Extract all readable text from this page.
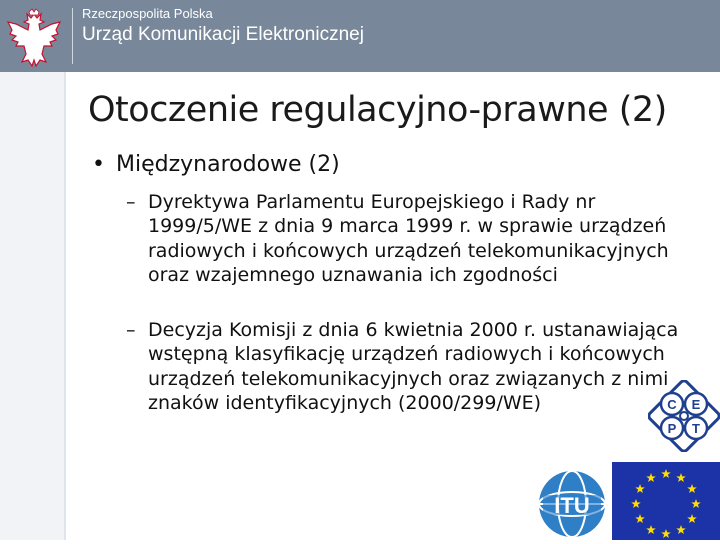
Rzeczpospolita Polska
Urząd Komunikacji Elektronicznej
Otoczenie regulacyjno-prawne (2)
• Międzynarodowe (2)
– Dyrektywa Parlamentu Europejskiego i Rady nr 1999/5/WE z dnia 9 marca 1999 r. w sprawie urządzeń radiowych i końcowych urządzeń telekomunikacyjnych oraz wzajemnego uznawania ich zgodności
– Decyzja Komisji z dnia 6 kwietnia 2000 r. ustanawiająca wstępną klasyfikację urządzeń radiowych i końcowych urządzeń telekomunikacyjnych oraz związanych z nimi znaków identyfikacyjnych (2000/299/WE)	C E
P T
ITU
